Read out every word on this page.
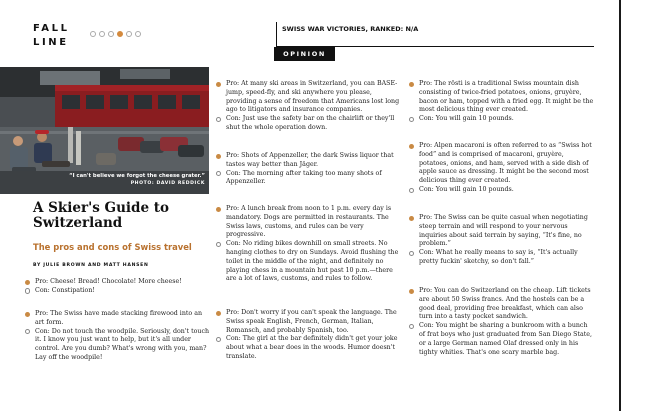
FALL LINE
SWISS WAR VICTORIES, RANKED: N/A
OPINION
“I can't believe we forgot the cheese grater.”
PHOTO: DAVID REDDICK
A Skier's Guide to Switzerland
The pros and cons of Swiss travel
BY JULIE BROWN AND MATT HANSEN

Pro: Cheese! Bread! Chocolate! More cheese!

Con: Constipation!

Pro: The Swiss have made stacking firewood into an art form.

Con: Do not touch the woodpile. Seriously, don't touch it. I know you just want to help, but it's all under control. Are you dumb? What's wrong with you, man? Lay off the woodpile!

Pro: At many ski areas in Switzerland, you can BASE-jump, speed-fly, and ski anywhere you please, providing a sense of freedom that Americans lost long ago to litigators and insurance companies.

Con: Just use the safety bar on the chairlift or they'll shut the whole operation down.

Pro: Shots of Appenzeller, the dark Swiss liquor that tastes way better than Jäger.

Con: The morning after taking too many shots of Appenzeller.

Pro: A lunch break from noon to 1 p.m. every day is mandatory. Dogs are permitted in restaurants. The Swiss laws, customs, and rules can be very progressive.

Con: No riding bikes downhill on small streets. No hanging clothes to dry on Sundays. Avoid flushing the toilet in the middle of the night, and definitely no playing chess in a mountain hut past 10 p.m.—there are a lot of laws, customs, and rules to follow.

Pro: Don't worry if you can't speak the language. The Swiss speak English, French, German, Italian, Romansch, and probably Spanish, too.

Con: The girl at the bar definitely didn't get your joke about what a bear does in the woods. Humor doesn't translate.

Pro: The rösti is a traditional Swiss mountain dish consisting of twice-fried potatoes, onions, gruyère, bacon or ham, topped with a fried egg. It might be the most delicious thing ever created.

Con: You will gain 10 pounds.

Pro: Alpen macaroni is often referred to as “Swiss hot food” and is comprised of macaroni, gruyère, potatoes, onions, and ham, served with a side dish of apple sauce as dressing. It might be the second most delicious thing ever created.

Con: You will gain 10 pounds.

Pro: The Swiss can be quite casual when negotiating steep terrain and will respond to your nervous inquiries about said terrain by saying, “It's fine, no problem.”

Con: What he really means to say is, “It's actually pretty fuckin' sketchy, so don't fall.”

Pro: You can do Switzerland on the cheap. Lift tickets are about 50 Swiss francs. And the hostels can be a good deal, providing free breakfast, which can also turn into a tasty pocket sandwich.

Con: You might be sharing a bunkroom with a bunch of frat boys who just graduated from San Diego State, or a large German named Olaf dressed only in his tighty whities. That's one scary marble bag.
